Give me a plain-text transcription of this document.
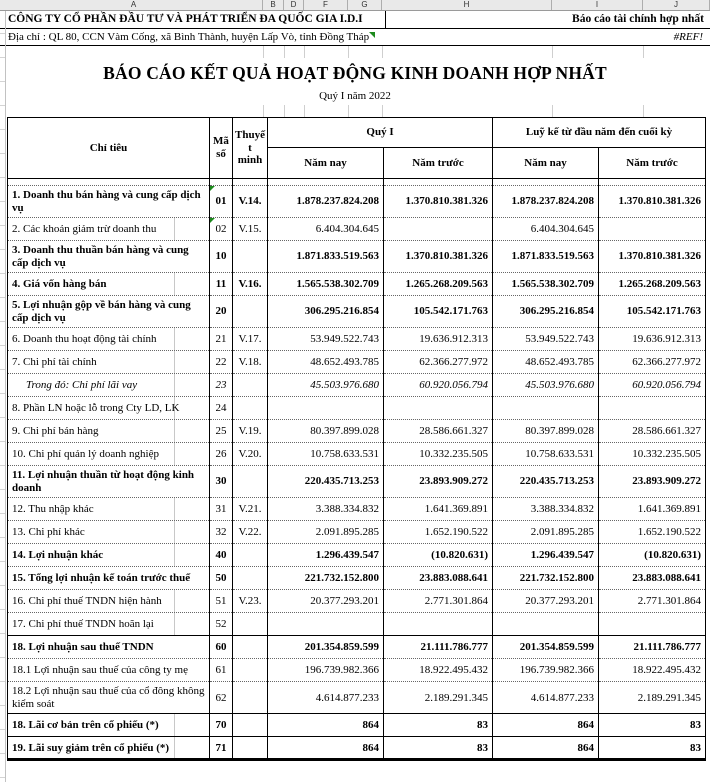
A	B	D	F	G	H	I	J
CÔNG TY CỔ PHẦN ĐẦU TƯ VÀ PHÁT TRIỂN ĐA QUỐC GIA I.D.I	Báo cáo tài chính hợp nhất
Địa chỉ : QL 80, CCN Vàm Cống, xã Bình Thành, huyện Lấp Vò, tỉnh Đồng Tháp	#REF!
BÁO CÁO KẾT QUẢ HOẠT ĐỘNG KINH DOANH HỢP NHẤT
Quý I năm 2022
Chỉ tiêu	Mã số	Thuyết minh	Quý I		Luỹ kế từ đầu năm đến cuối kỳ	
			Năm nay	Năm trước	Năm nay	Năm trước

1. Doanh thu bán hàng và cung cấp dịch vụ	01	V.14.	1.878.237.824.208	1.370.810.381.326	1.878.237.824.208	1.370.810.381.326
2. Các khoản giảm trừ doanh thu	02	V.15.	6.404.304.645		6.404.304.645	
3. Doanh thu thuần bán hàng và cung cấp dịch vụ	10		1.871.833.519.563	1.370.810.381.326	1.871.833.519.563	1.370.810.381.326
4. Giá vốn hàng bán	11	V.16.	1.565.538.302.709	1.265.268.209.563	1.565.538.302.709	1.265.268.209.563
5. Lợi nhuận gộp về bán hàng và cung cấp dịch vụ	20		306.295.216.854	105.542.171.763	306.295.216.854	105.542.171.763
6. Doanh thu hoạt động tài chính	21	V.17.	53.949.522.743	19.636.912.313	53.949.522.743	19.636.912.313
7. Chi phí tài chính	22	V.18.	48.652.493.785	62.366.277.972	48.652.493.785	62.366.277.972
Trong đó: Chi phí lãi vay	23		45.503.976.680	60.920.056.794	45.503.976.680	60.920.056.794
8. Phần LN hoặc lỗ trong Cty LD, LK	24					
9. Chi phí bán hàng	25	V.19.	80.397.899.028	28.586.661.327	80.397.899.028	28.586.661.327
10. Chi phí quản lý doanh nghiệp	26	V.20.	10.758.633.531	10.332.235.505	10.758.633.531	10.332.235.505
11. Lợi nhuận thuần từ hoạt động kinh doanh	30		220.435.713.253	23.893.909.272	220.435.713.253	23.893.909.272
12. Thu nhập khác	31	V.21.	3.388.334.832	1.641.369.891	3.388.334.832	1.641.369.891
13. Chi phí khác	32	V.22.	2.091.895.285	1.652.190.522	2.091.895.285	1.652.190.522
14. Lợi nhuận khác	40		1.296.439.547	(10.820.631)	1.296.439.547	(10.820.631)
15. Tổng lợi nhuận kế toán trước thuế	50		221.732.152.800	23.883.088.641	221.732.152.800	23.883.088.641
16. Chi phí thuế TNDN hiện hành	51	V.23.	20.377.293.201	2.771.301.864	20.377.293.201	2.771.301.864
17. Chi phí thuế TNDN hoãn lại	52					
18. Lợi nhuận sau thuế TNDN	60		201.354.859.599	21.111.786.777	201.354.859.599	21.111.786.777
18.1 Lợi nhuận sau thuế của công ty mẹ	61		196.739.982.366	18.922.495.432	196.739.982.366	18.922.495.432
18.2 Lợi nhuận sau thuế của cổ đông không kiểm soát	62		4.614.877.233	2.189.291.345	4.614.877.233	2.189.291.345
18. Lãi cơ bản trên cổ phiếu (*)	70		864	83	864	83
19. Lãi suy giảm trên cổ phiếu (*)	71		864	83	864	83
